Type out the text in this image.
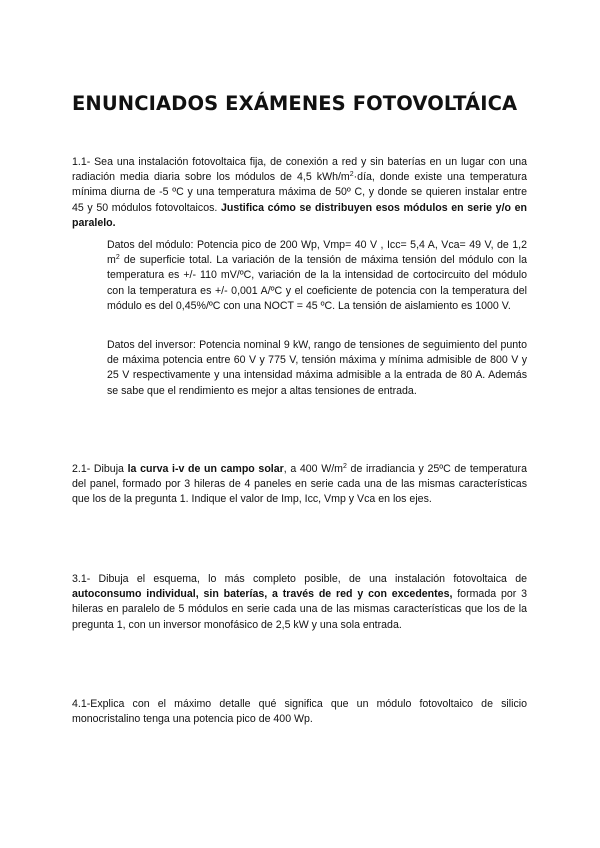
ENUNCIADOS EXÁMENES FOTOVOLTÁICA

1.1- Sea una instalación fotovoltaica fija, de conexión a red y sin baterías en un lugar con una radiación media diaria sobre los módulos de 4,5 kWh/$m^2\cdot día$, donde existe una temperatura mínima diurna de -5 ºC y una temperatura máxima de 50º C, y donde se quieren instalar entre 45 y 50 módulos fotovoltaicos. Justifica cómo se distribuyen esos módulos en serie y/o en paralelo.

Datos del módulo: Potencia pico de 200 Wp, Vmp= 40 V , Icc= 5,4 A, Vca= 49 V, de 1,2 $m^2$ de superficie total. La variación de la tensión de máxima tensión del módulo con la temperatura es +/- 110 mV/ºC, variación de la la intensidad de cortocircuito del módulo con la temperatura es +/- 0,001 A/ºC y el coeficiente de potencia con la temperatura del módulo es del 0,45%/ºC con una NOCT = 45 ºC. La tensión de aislamiento es 1000 V.

Datos del inversor: Potencia nominal 9 kW, rango de tensiones de seguimiento del punto de máxima potencia entre 60 V y 775 V, tensión máxima y mínima admisible de 800 V y 25 V respectivamente y una intensidad máxima admisible a la entrada de 80 A. Además se sabe que el rendimiento es mejor a altas tensiones de entrada.

2.1- Dibuja la curva i-v de un campo solar, a 400 $W/m^2$ de irradiancia y 25ºC de temperatura del panel, formado por 3 hileras de 4 paneles en serie cada una de las mismas características que los de la pregunta 1. Indique el valor de Imp, Icc, Vmp y Vca en los ejes.

3.1- Dibuja el esquema, lo más completo posible, de una instalación fotovoltaica de autoconsumo individual, sin baterías, a través de red y con excedentes, formada por 3 hileras en paralelo de 5 módulos en serie cada una de las mismas características que los de la pregunta 1, con un inversor monofásico de 2,5 kW y una sola entrada.

4.1-Explica con el máximo detalle qué significa que un módulo fotovoltaico de silicio monocristalino tenga una potencia pico de 400 Wp.
